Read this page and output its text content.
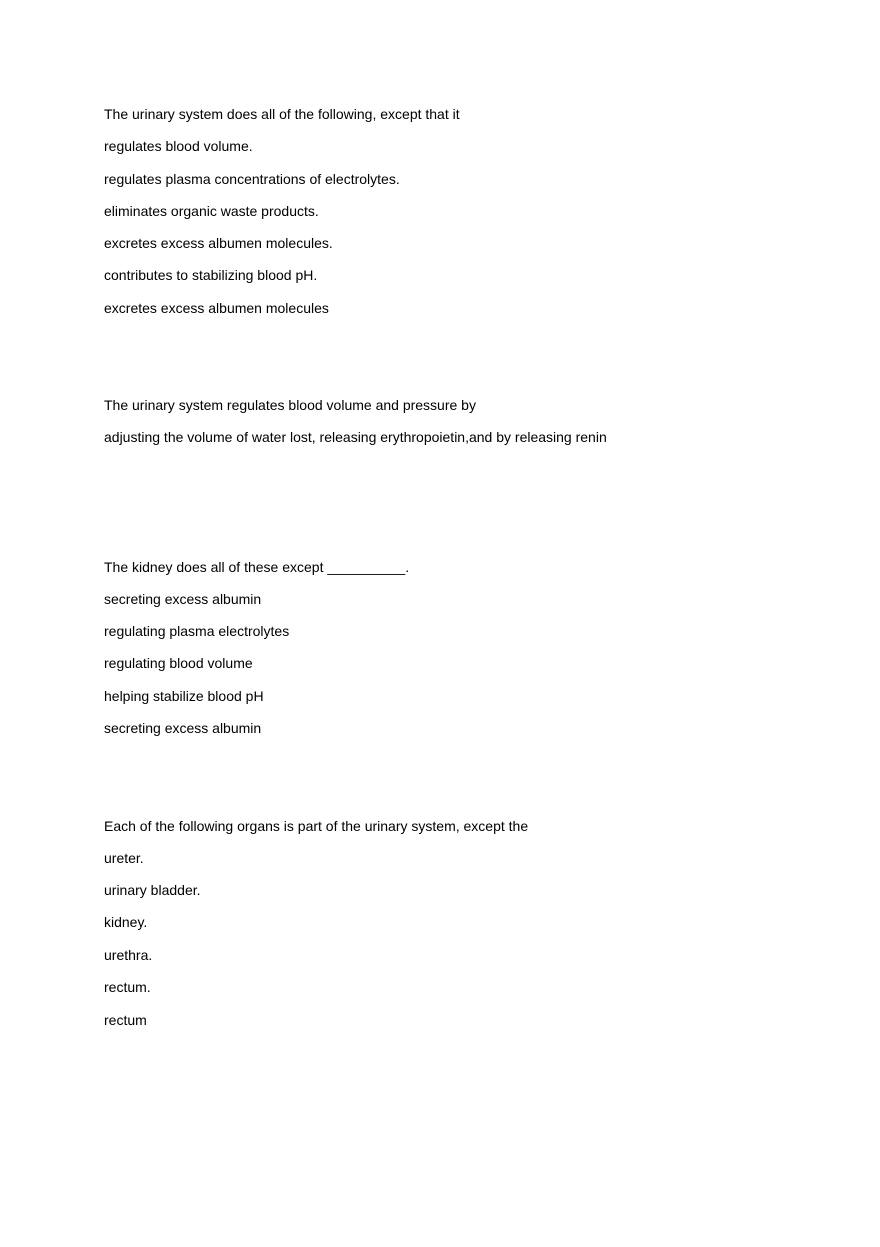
The urinary system does all of the following, except that it
regulates blood volume.
regulates plasma concentrations of electrolytes.
eliminates organic waste products.
excretes excess albumen molecules.
contributes to stabilizing blood pH.
excretes excess albumen molecules
The urinary system regulates blood volume and pressure by
adjusting the volume of water lost, releasing erythropoietin,and by releasing renin
The kidney does all of these except __________.
secreting excess albumin
regulating plasma electrolytes
regulating blood volume
helping stabilize blood pH
secreting excess albumin
Each of the following organs is part of the urinary system, except the
ureter.
urinary bladder.
kidney.
urethra.
rectum.
rectum
